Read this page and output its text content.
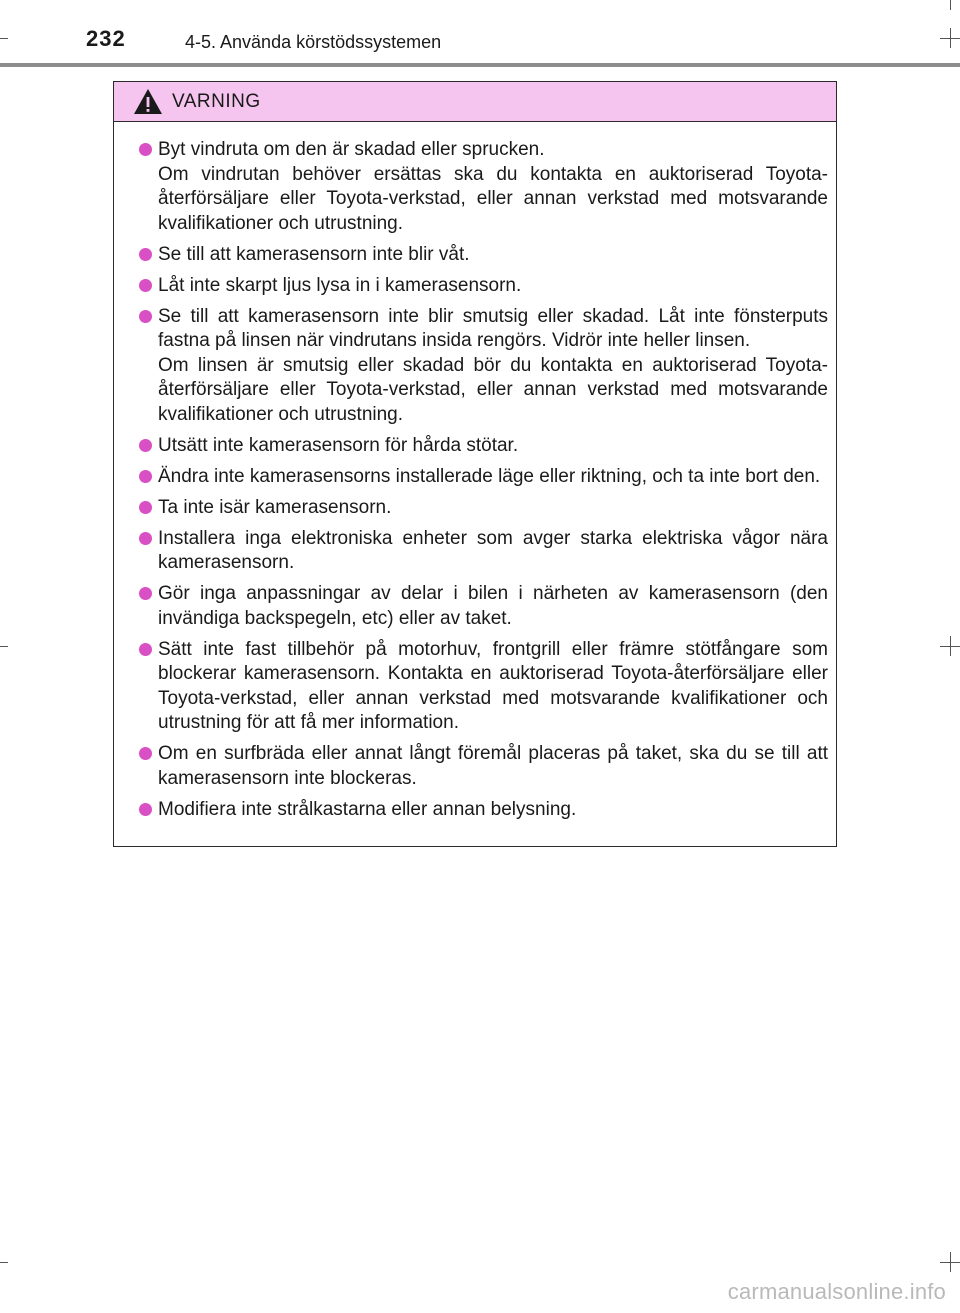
232	4-5. Använda körstödssystemen
VARNING
Byt vindruta om den är skadad eller sprucken.
Om vindrutan behöver ersättas ska du kontakta en auktoriserad Toyota-återförsäljare eller Toyota-verkstad, eller annan verkstad med motsvarande kvalifikationer och utrustning.
Se till att kamerasensorn inte blir våt.
Låt inte skarpt ljus lysa in i kamerasensorn.
Se till att kamerasensorn inte blir smutsig eller skadad. Låt inte fönsterputs fastna på linsen när vindrutans insida rengörs. Vidrör inte heller linsen.
Om linsen är smutsig eller skadad bör du kontakta en auktoriserad Toyota-återförsäljare eller Toyota-verkstad, eller annan verkstad med motsvarande kvalifikationer och utrustning.
Utsätt inte kamerasensorn för hårda stötar.
Ändra inte kamerasensorns installerade läge eller riktning, och ta inte bort den.
Ta inte isär kamerasensorn.
Installera inga elektroniska enheter som avger starka elektriska vågor nära kamerasensorn.
Gör inga anpassningar av delar i bilen i närheten av kamerasensorn (den invändiga backspegeln, etc) eller av taket.
Sätt inte fast tillbehör på motorhuv, frontgrill eller främre stötfångare som blockerar kamerasensorn. Kontakta en auktoriserad Toyota-återförsäljare eller Toyota-verkstad, eller annan verkstad med motsvarande kvalifikationer och utrustning för att få mer information.
Om en surfbräda eller annat långt föremål placeras på taket, ska du se till att kamerasensorn inte blockeras.
Modifiera inte strålkastarna eller annan belysning.
carmanualsonline.info
